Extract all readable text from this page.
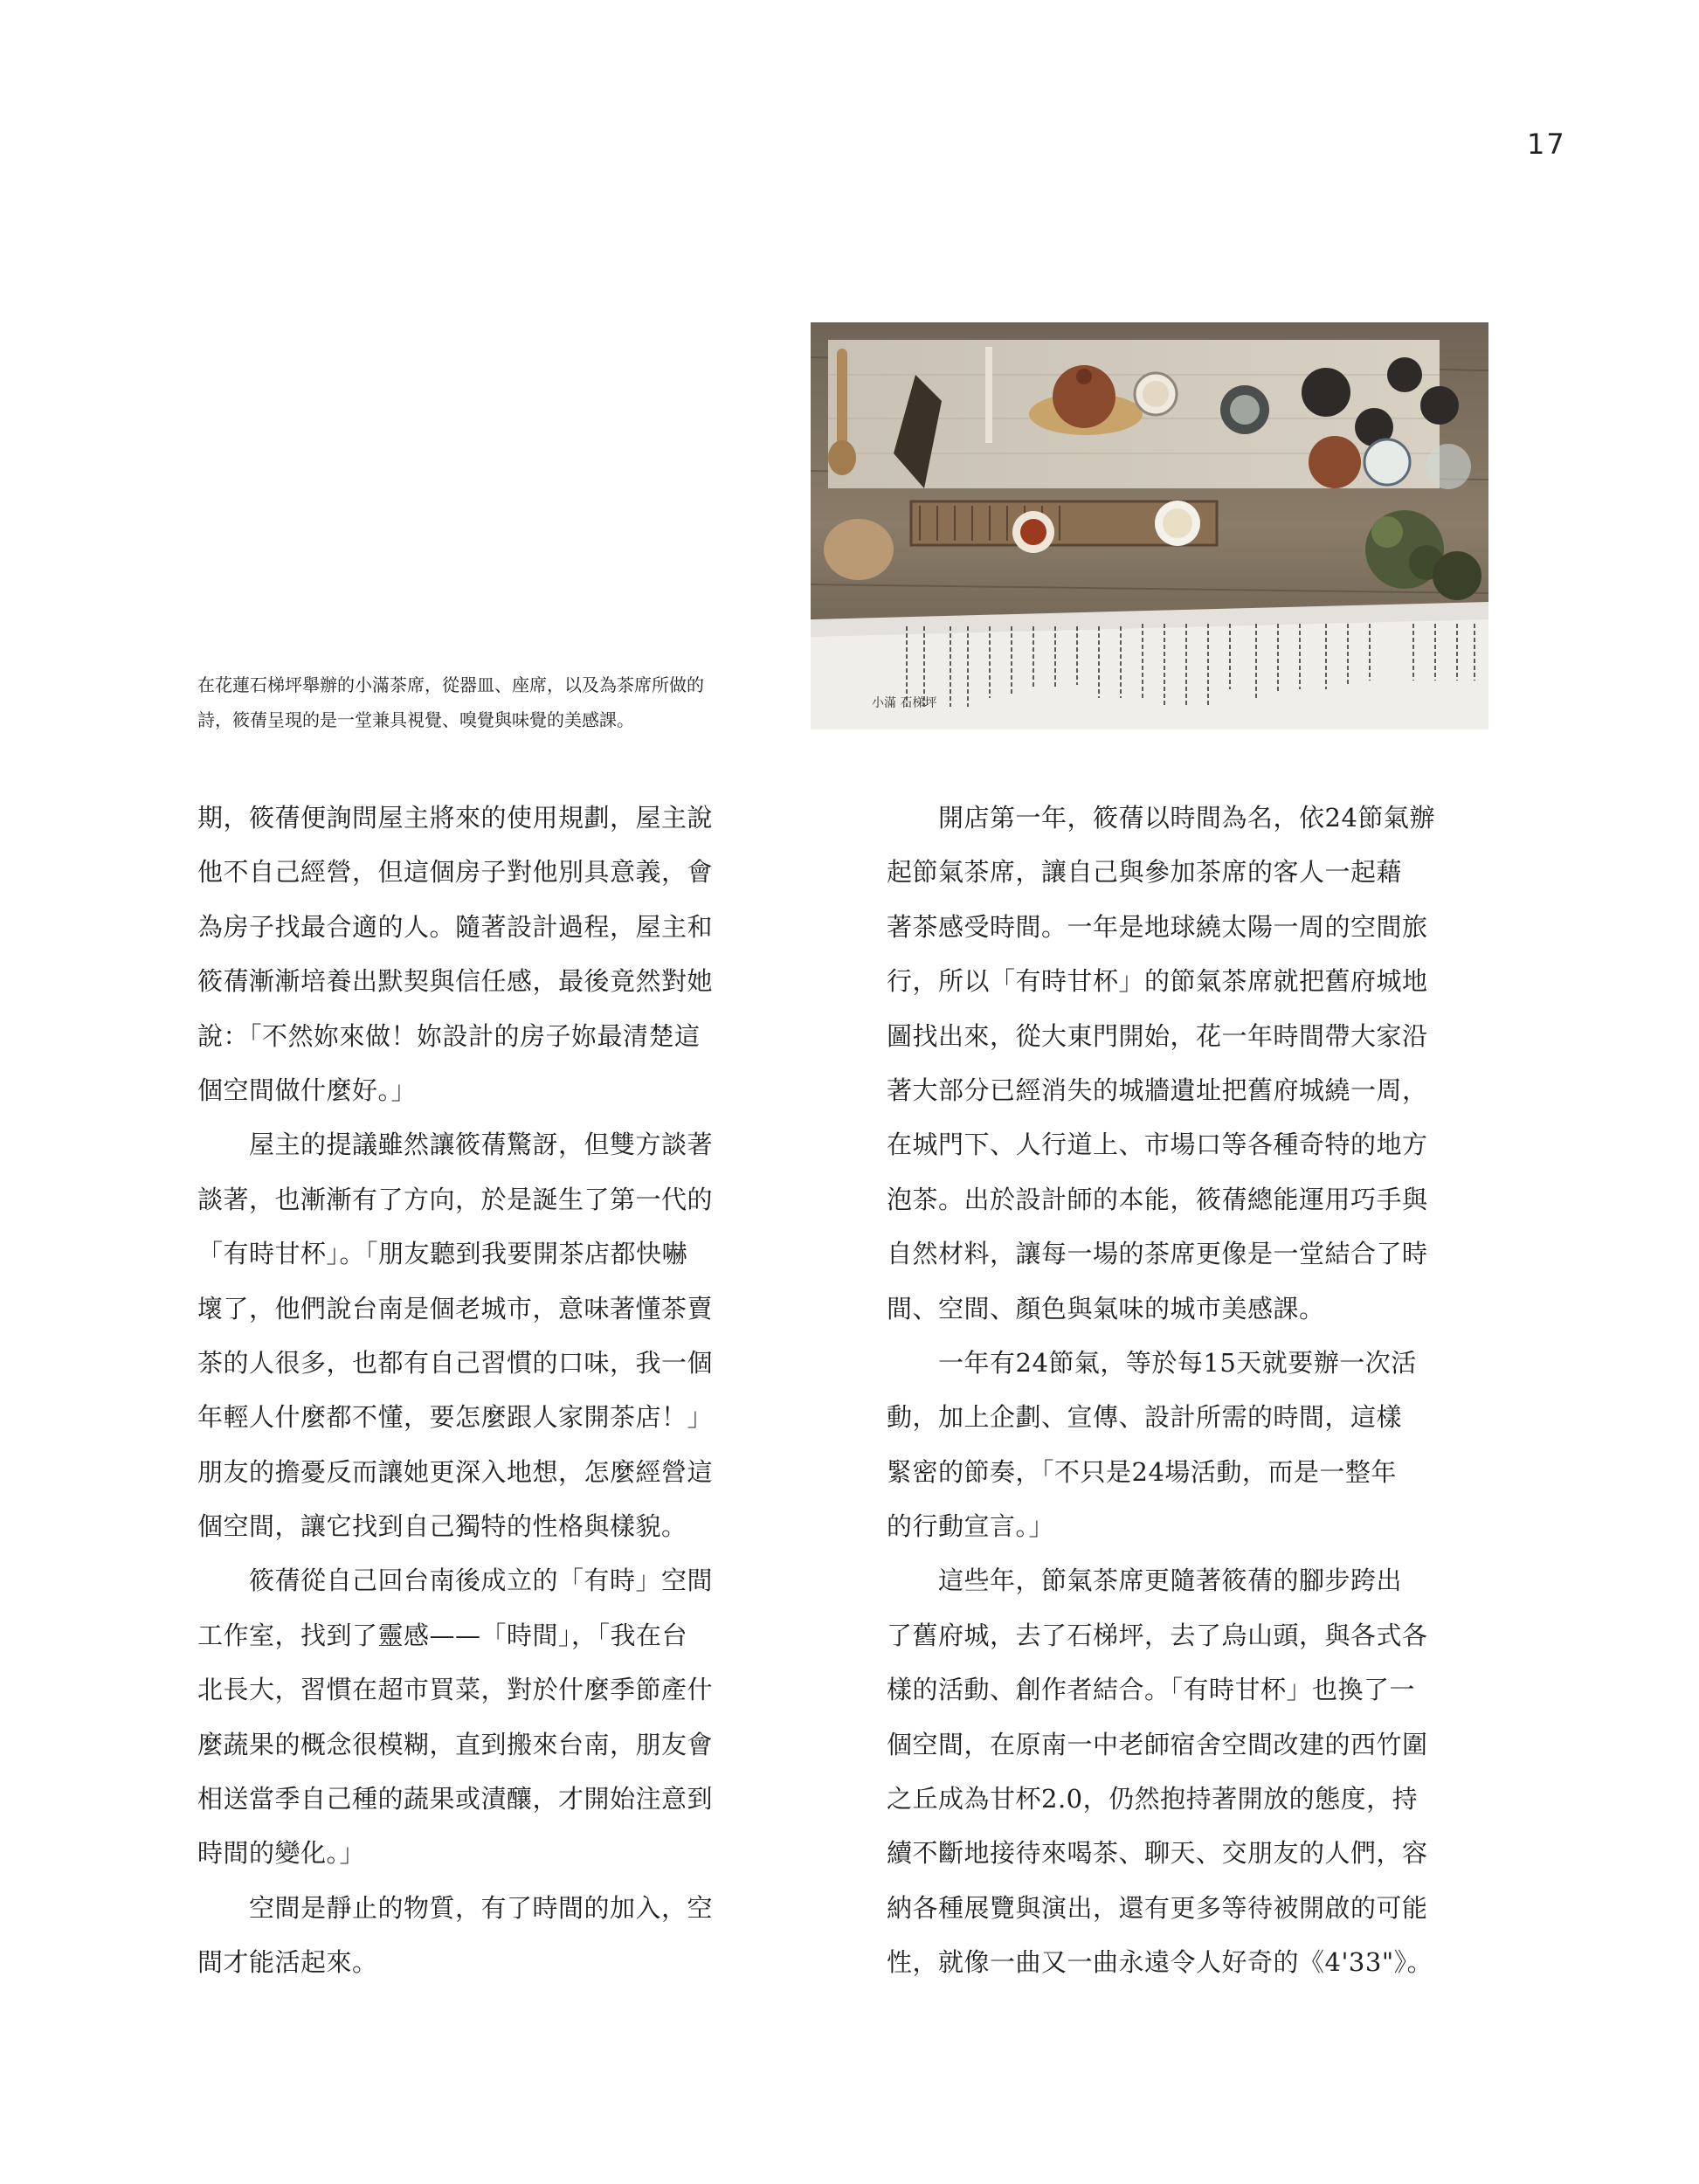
17
小滿 石梯坪

在花蓮石梯坪舉辦的小滿茶席，從器皿、座席，以及為茶席所做的

詩，筱蒨呈現的是一堂兼具視覺、嗅覺與味覺的美感課。

期，筱蒨便詢問屋主將來的使用規劃，屋主說
他不自己經營，但這個房子對他別具意義，會
為房子找最合適的人。隨著設計過程，屋主和
筱蒨漸漸培養出默契與信任感，最後竟然對她
說：「不然妳來做！妳設計的房子妳最清楚這
個空間做什麼好。」
　　屋主的提議雖然讓筱蒨驚訝，但雙方談著
談著，也漸漸有了方向，於是誕生了第一代的
「有時甘杯」。「朋友聽到我要開茶店都快嚇
壞了，他們說台南是個老城市，意味著懂茶賣
茶的人很多，也都有自己習慣的口味，我一個
年輕人什麼都不懂，要怎麼跟人家開茶店！」
朋友的擔憂反而讓她更深入地想，怎麼經營這
個空間，讓它找到自己獨特的性格與樣貌。
　　筱蒨從自己回台南後成立的「有時」空間
工作室，找到了靈感——「時間」，「我在台
北長大，習慣在超市買菜，對於什麼季節產什
麼蔬果的概念很模糊，直到搬來台南，朋友會
相送當季自己種的蔬果或漬釀，才開始注意到
時間的變化。」
　　空間是靜止的物質，有了時間的加入，空
間才能活起來。
　　開店第一年，筱蒨以時間為名，依24節氣辦
起節氣茶席，讓自己與參加茶席的客人一起藉
著茶感受時間。一年是地球繞太陽一周的空間旅
行，所以「有時甘杯」的節氣茶席就把舊府城地
圖找出來，從大東門開始，花一年時間帶大家沿
著大部分已經消失的城牆遺址把舊府城繞一周，
在城門下、人行道上、市場口等各種奇特的地方
泡茶。出於設計師的本能，筱蒨總能運用巧手與
自然材料，讓每一場的茶席更像是一堂結合了時
間、空間、顏色與氣味的城市美感課。
　　一年有24節氣，等於每15天就要辦一次活
動，加上企劃、宣傳、設計所需的時間，這樣
緊密的節奏，「不只是24場活動，而是一整年
的行動宣言。」
　　這些年，節氣茶席更隨著筱蒨的腳步跨出
了舊府城，去了石梯坪，去了烏山頭，與各式各
樣的活動、創作者結合。「有時甘杯」也換了一
個空間，在原南一中老師宿舍空間改建的西竹圍
之丘成為甘杯2.0，仍然抱持著開放的態度，持
續不斷地接待來喝茶、聊天、交朋友的人們，容
納各種展覽與演出，還有更多等待被開啟的可能
性，就像一曲又一曲永遠令人好奇的《4'33"》。
